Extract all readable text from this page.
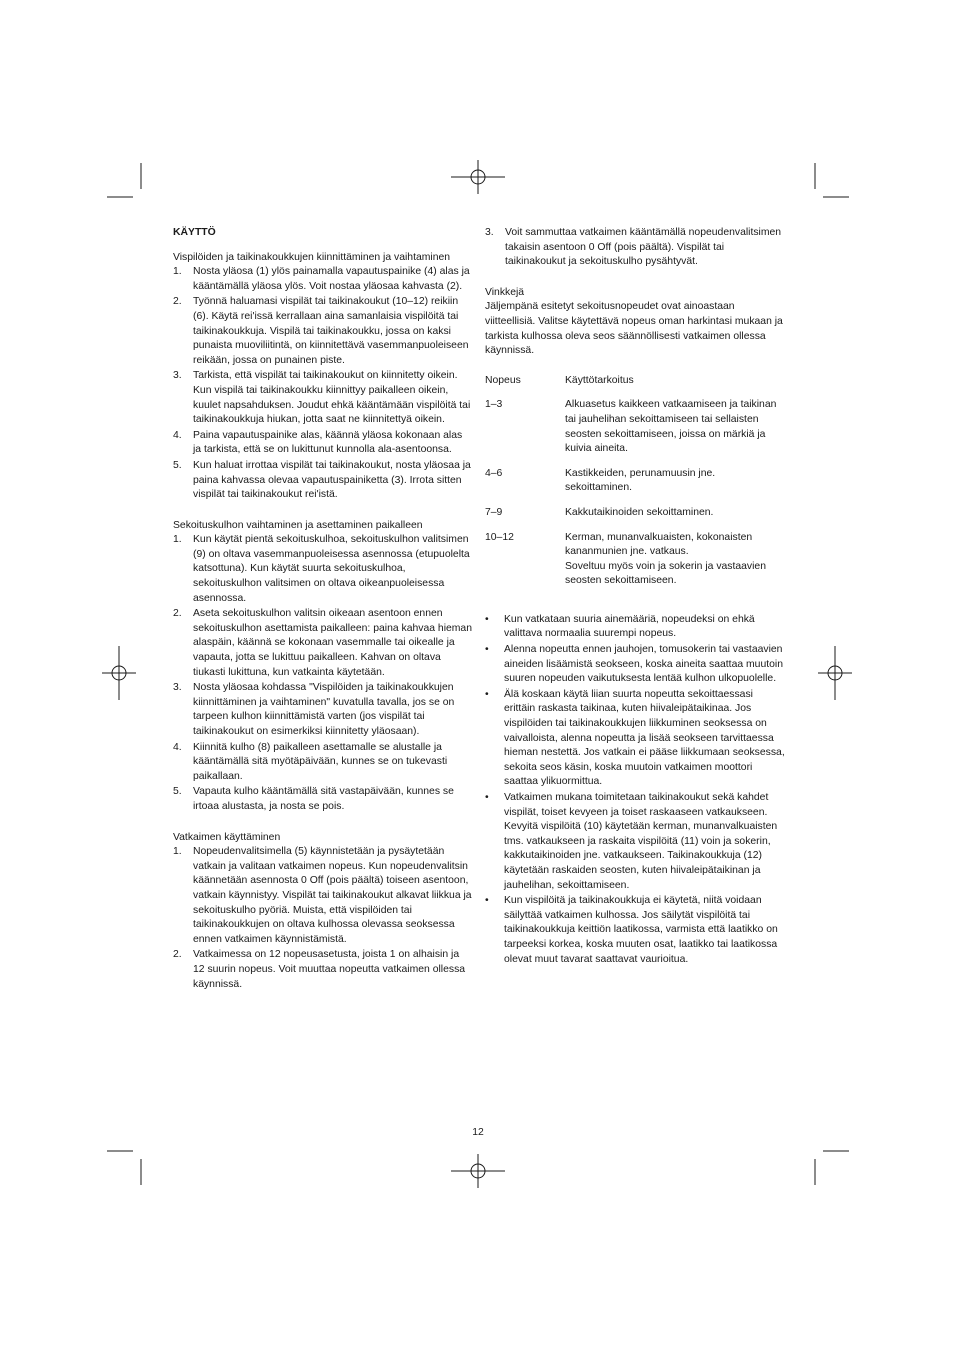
KÄYTTÖ
Vispilöiden ja taikinakoukkujen kiinnittäminen ja vaihtaminen
1.	Nosta yläosa (1) ylös painamalla vapautuspainike (4) alas ja kääntämällä yläosa ylös. Voit nostaa yläosaa kahvasta (2).
2.	Työnnä haluamasi vispilät tai taikinakoukut (10–12) reikiin (6). Käytä rei'issä kerrallaan aina samanlaisia vispilöitä tai taikinakoukkuja. Vispilä tai taikinakoukku, jossa on kaksi punaista muoviliitintä, on kiinnitettävä vasemmanpuoleiseen reikään, jossa on punainen piste.
3.	Tarkista, että vispilät tai taikinakoukut on kiinnitetty oikein. Kun vispilä tai taikinakoukku kiinnittyy paikalleen oikein, kuulet napsahduksen. Joudut ehkä kääntämään vispilöitä tai taikinakoukkuja hiukan, jotta saat ne kiinnitettyä oikein.
4.	Paina vapautuspainike alas, käännä yläosa kokonaan alas ja tarkista, että se on lukittunut kunnolla ala-asentoonsa.
5.	Kun haluat irrottaa vispilät tai taikinakoukut, nosta yläosaa ja paina kahvassa olevaa vapautuspainiketta (3). Irrota sitten vispilät tai taikinakoukut rei'istä.
Sekoituskulhon vaihtaminen ja asettaminen paikalleen
1.	Kun käytät pientä sekoituskulhoa, sekoituskulhon valitsimen (9) on oltava vasemmanpuoleisessa asennossa (etupuolelta katsottuna). Kun käytät suurta sekoituskulhoa, sekoituskulhon valitsimen on oltava oikeanpuoleisessa asennossa.
2.	Aseta sekoituskulhon valitsin oikeaan asentoon ennen sekoituskulhon asettamista paikalleen: paina kahvaa hieman alaspäin, käännä se kokonaan vasemmalle tai oikealle ja vapauta, jotta se lukittuu paikalleen. Kahvan on oltava tiukasti lukittuna, kun vatkainta käytetään.
3.	Nosta yläosaa kohdassa "Vispilöiden ja taikinakoukkujen kiinnittäminen ja vaihtaminen" kuvatulla tavalla, jos se on tarpeen kulhon kiinnittämistä varten (jos vispilät tai taikinakoukut on esimerkiksi kiinnitetty yläosaan).
4.	Kiinnitä kulho (8) paikalleen asettamalle se alustalle ja kääntämällä sitä myötäpäivään, kunnes se on tukevasti paikallaan.
5.	Vapauta kulho kääntämällä sitä vastapäivään, kunnes se irtoaa alustasta, ja nosta se pois.
Vatkaimen käyttäminen
1.	Nopeudenvalitsimella (5) käynnistetään ja pysäytetään vatkain ja valitaan vatkaimen nopeus. Kun nopeudenvalitsin käännetään asennosta 0 Off (pois päältä) toiseen asentoon, vatkain käynnistyy. Vispilät tai taikinakoukut alkavat liikkua ja sekoituskulho pyöriä. Muista, että vispilöiden tai taikinakoukkujen on oltava kulhossa olevassa seoksessa ennen vatkaimen käynnistämistä.
2.	Vatkaimessa on 12 nopeusasetusta, joista 1 on alhaisin ja 12 suurin nopeus. Voit muuttaa nopeutta vatkaimen ollessa käynnissä.
3.	Voit sammuttaa vatkaimen kääntämällä nopeudenvalitsimen takaisin asentoon 0 Off (pois päältä). Vispilät tai taikinakoukut ja sekoituskulho pysähtyvät.
Vinkkejä

Jäljempänä esitetyt sekoitusnopeudet ovat ainoastaan viitteellisiä. Valitse käytettävä nopeus oman harkintasi mukaan ja tarkista kulhossa oleva seos säännöllisesti vatkaimen ollessa käynnissä.

Nopeus	Käyttötarkoitus
1–3	Alkuasetus kaikkeen vatkaamiseen ja taikinan tai jauhelihan sekoittamiseen tai sellaisten seosten sekoittamiseen, joissa on märkiä ja kuivia aineita.
4–6	Kastikkeiden, perunamuusin jne. sekoittaminen.
7–9	Kakkutaikinoiden sekoittaminen.
10–12	Kerman, munanvalkuaisten, kokonaisten kananmunien jne. vatkaus.
Soveltuu myös voin ja sokerin ja vastaavien seosten sekoittamiseen.
•	Kun vatkataan suuria ainemääriä, nopeudeksi on ehkä valittava normaalia suurempi nopeus.
•	Alenna nopeutta ennen jauhojen, tomusokerin tai vastaavien aineiden lisäämistä seokseen, koska aineita saattaa muutoin suuren nopeuden vaikutuksesta lentää kulhon ulkopuolelle.
•	Älä koskaan käytä liian suurta nopeutta sekoittaessasi erittäin raskasta taikinaa, kuten hiivaleipätaikinaa. Jos vispilöiden tai taikinakoukkujen liikkuminen seoksessa on vaivalloista, alenna nopeutta ja lisää seokseen tarvittaessa hieman nestettä. Jos vatkain ei pääse liikkumaan seoksessa, sekoita seos käsin, koska muutoin vatkaimen moottori saattaa ylikuormittua.
•	Vatkaimen mukana toimitetaan taikinakoukut sekä kahdet vispilät, toiset kevyeen ja toiset raskaaseen vatkaukseen. Kevyitä vispilöitä (10) käytetään kerman, munanvalkuaisten tms. vatkaukseen ja raskaita vispilöitä (11) voin ja sokerin, kakkutaikinoiden jne. vatkaukseen. Taikinakoukkuja (12) käytetään raskaiden seosten, kuten hiivaleipätaikinan ja jauhelihan, sekoittamiseen.
•	Kun vispilöitä ja taikinakoukkuja ei käytetä, niitä voidaan säilyttää vatkaimen kulhossa. Jos säilytät vispilöitä tai taikinakoukkuja keittiön laatikossa, varmista että laatikko on tarpeeksi korkea, koska muuten osat, laatikko tai laatikossa olevat muut tavarat saattavat vaurioitua.
12
